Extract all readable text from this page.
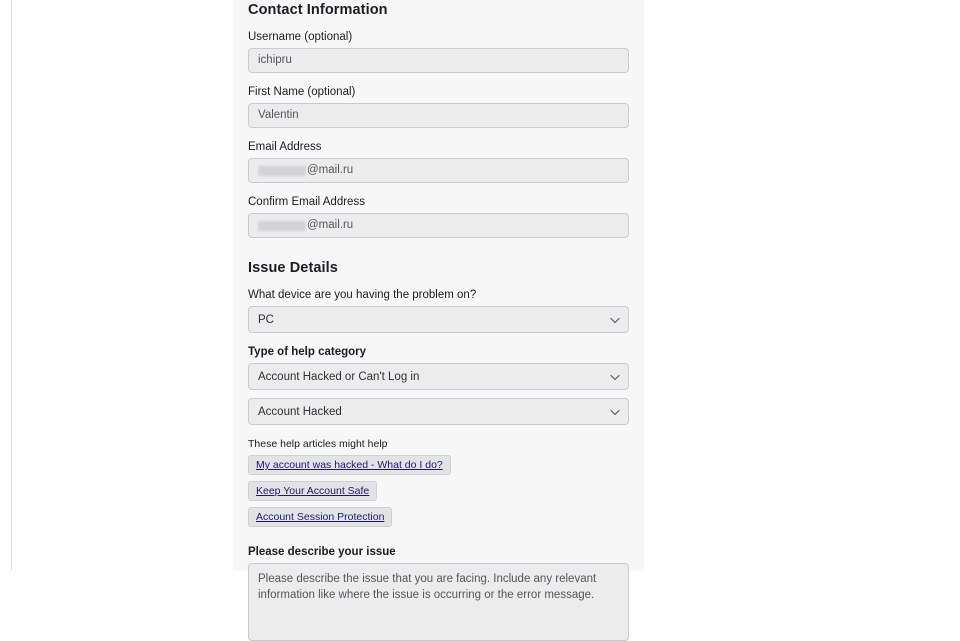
Contact Information
Username (optional)
ichipru
First Name (optional)
Valentin
Email Address
@mail.ru
Confirm Email Address
@mail.ru
Issue Details
What device are you having the problem on?
PC
Type of help category
Account Hacked or Can't Log in
Account Hacked
These help articles might help
My account was hacked - What do I do?
Keep Your Account Safe
Account Session Protection
Please describe your issue
Please describe the issue that you are facing. Include any relevant information like where the issue is occurring or the error message.
